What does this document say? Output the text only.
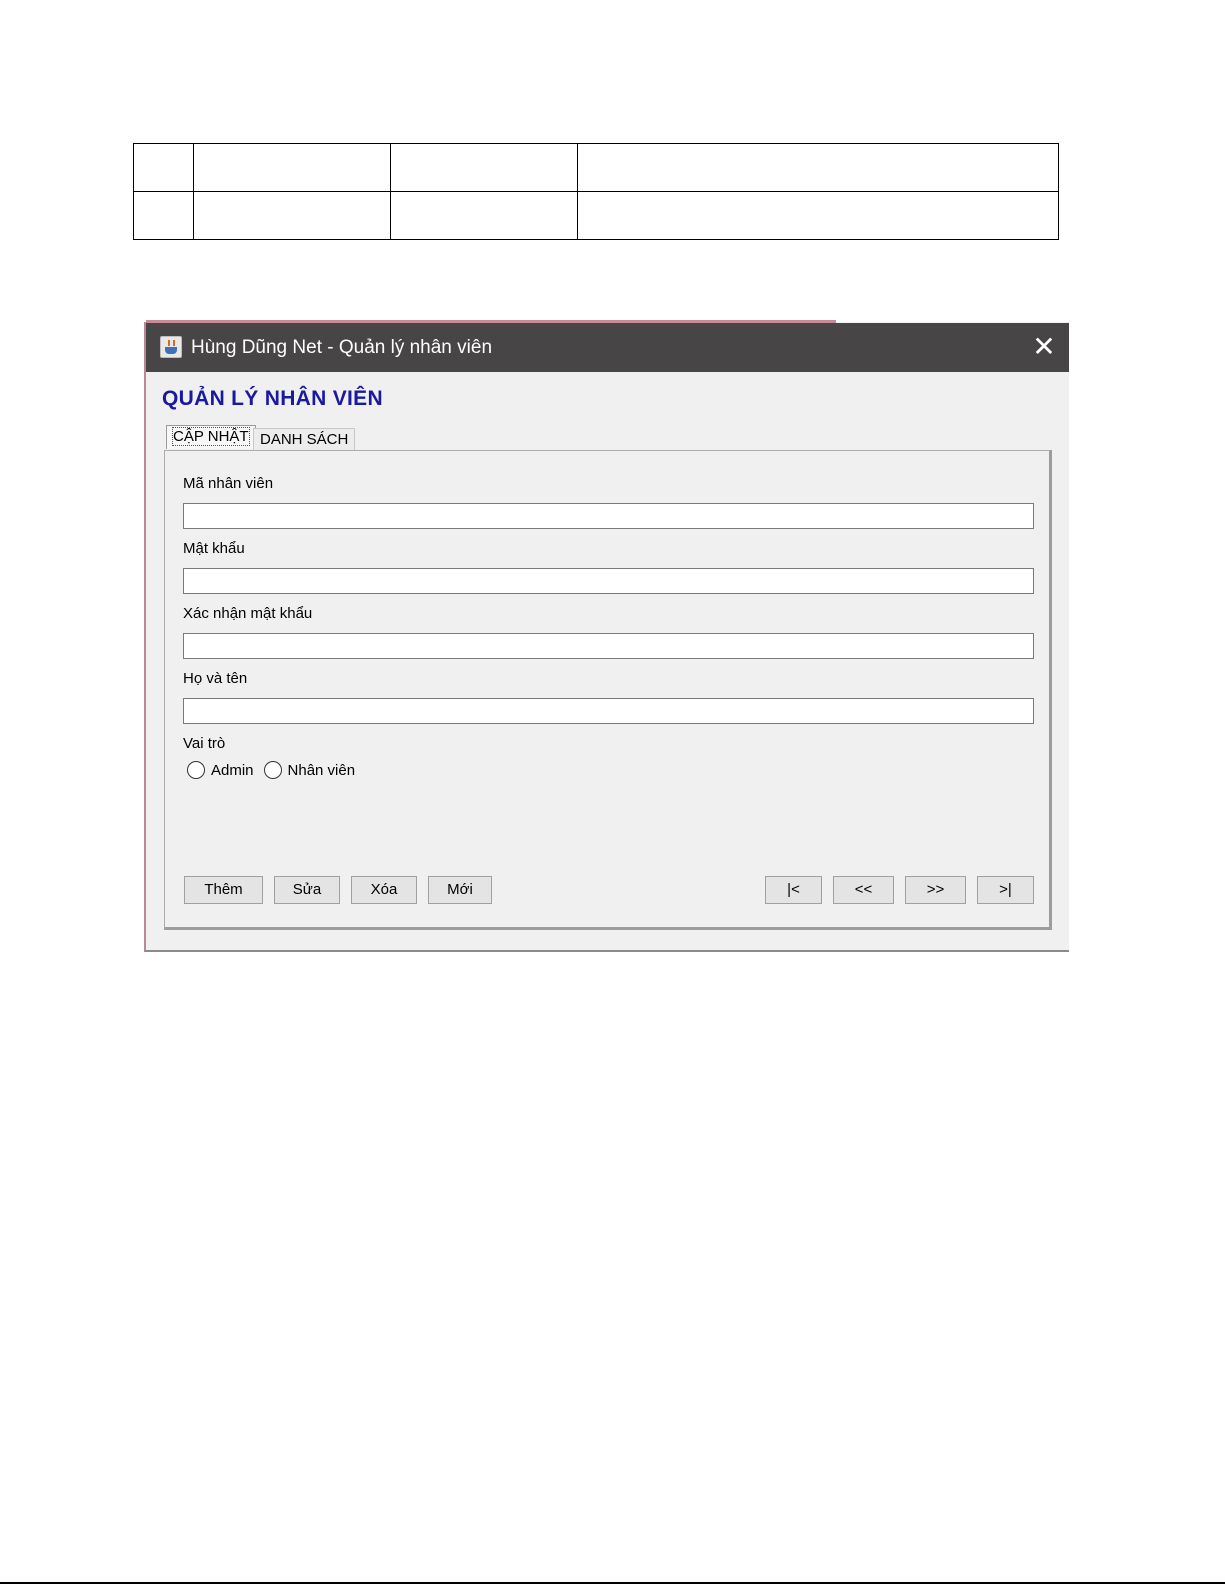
Hùng Dũng Net - Quản lý nhân viên	✕
QUẢN LÝ NHÂN VIÊN
CẬP NHẬT DANH SÁCH
Mã nhân viên
Mật khẩu
Xác nhận mật khẩu
Họ và tên
Vai trò
Admin Nhân viên
Thêm	Sửa	Xóa	Mới	|<	<<	>>	>|
